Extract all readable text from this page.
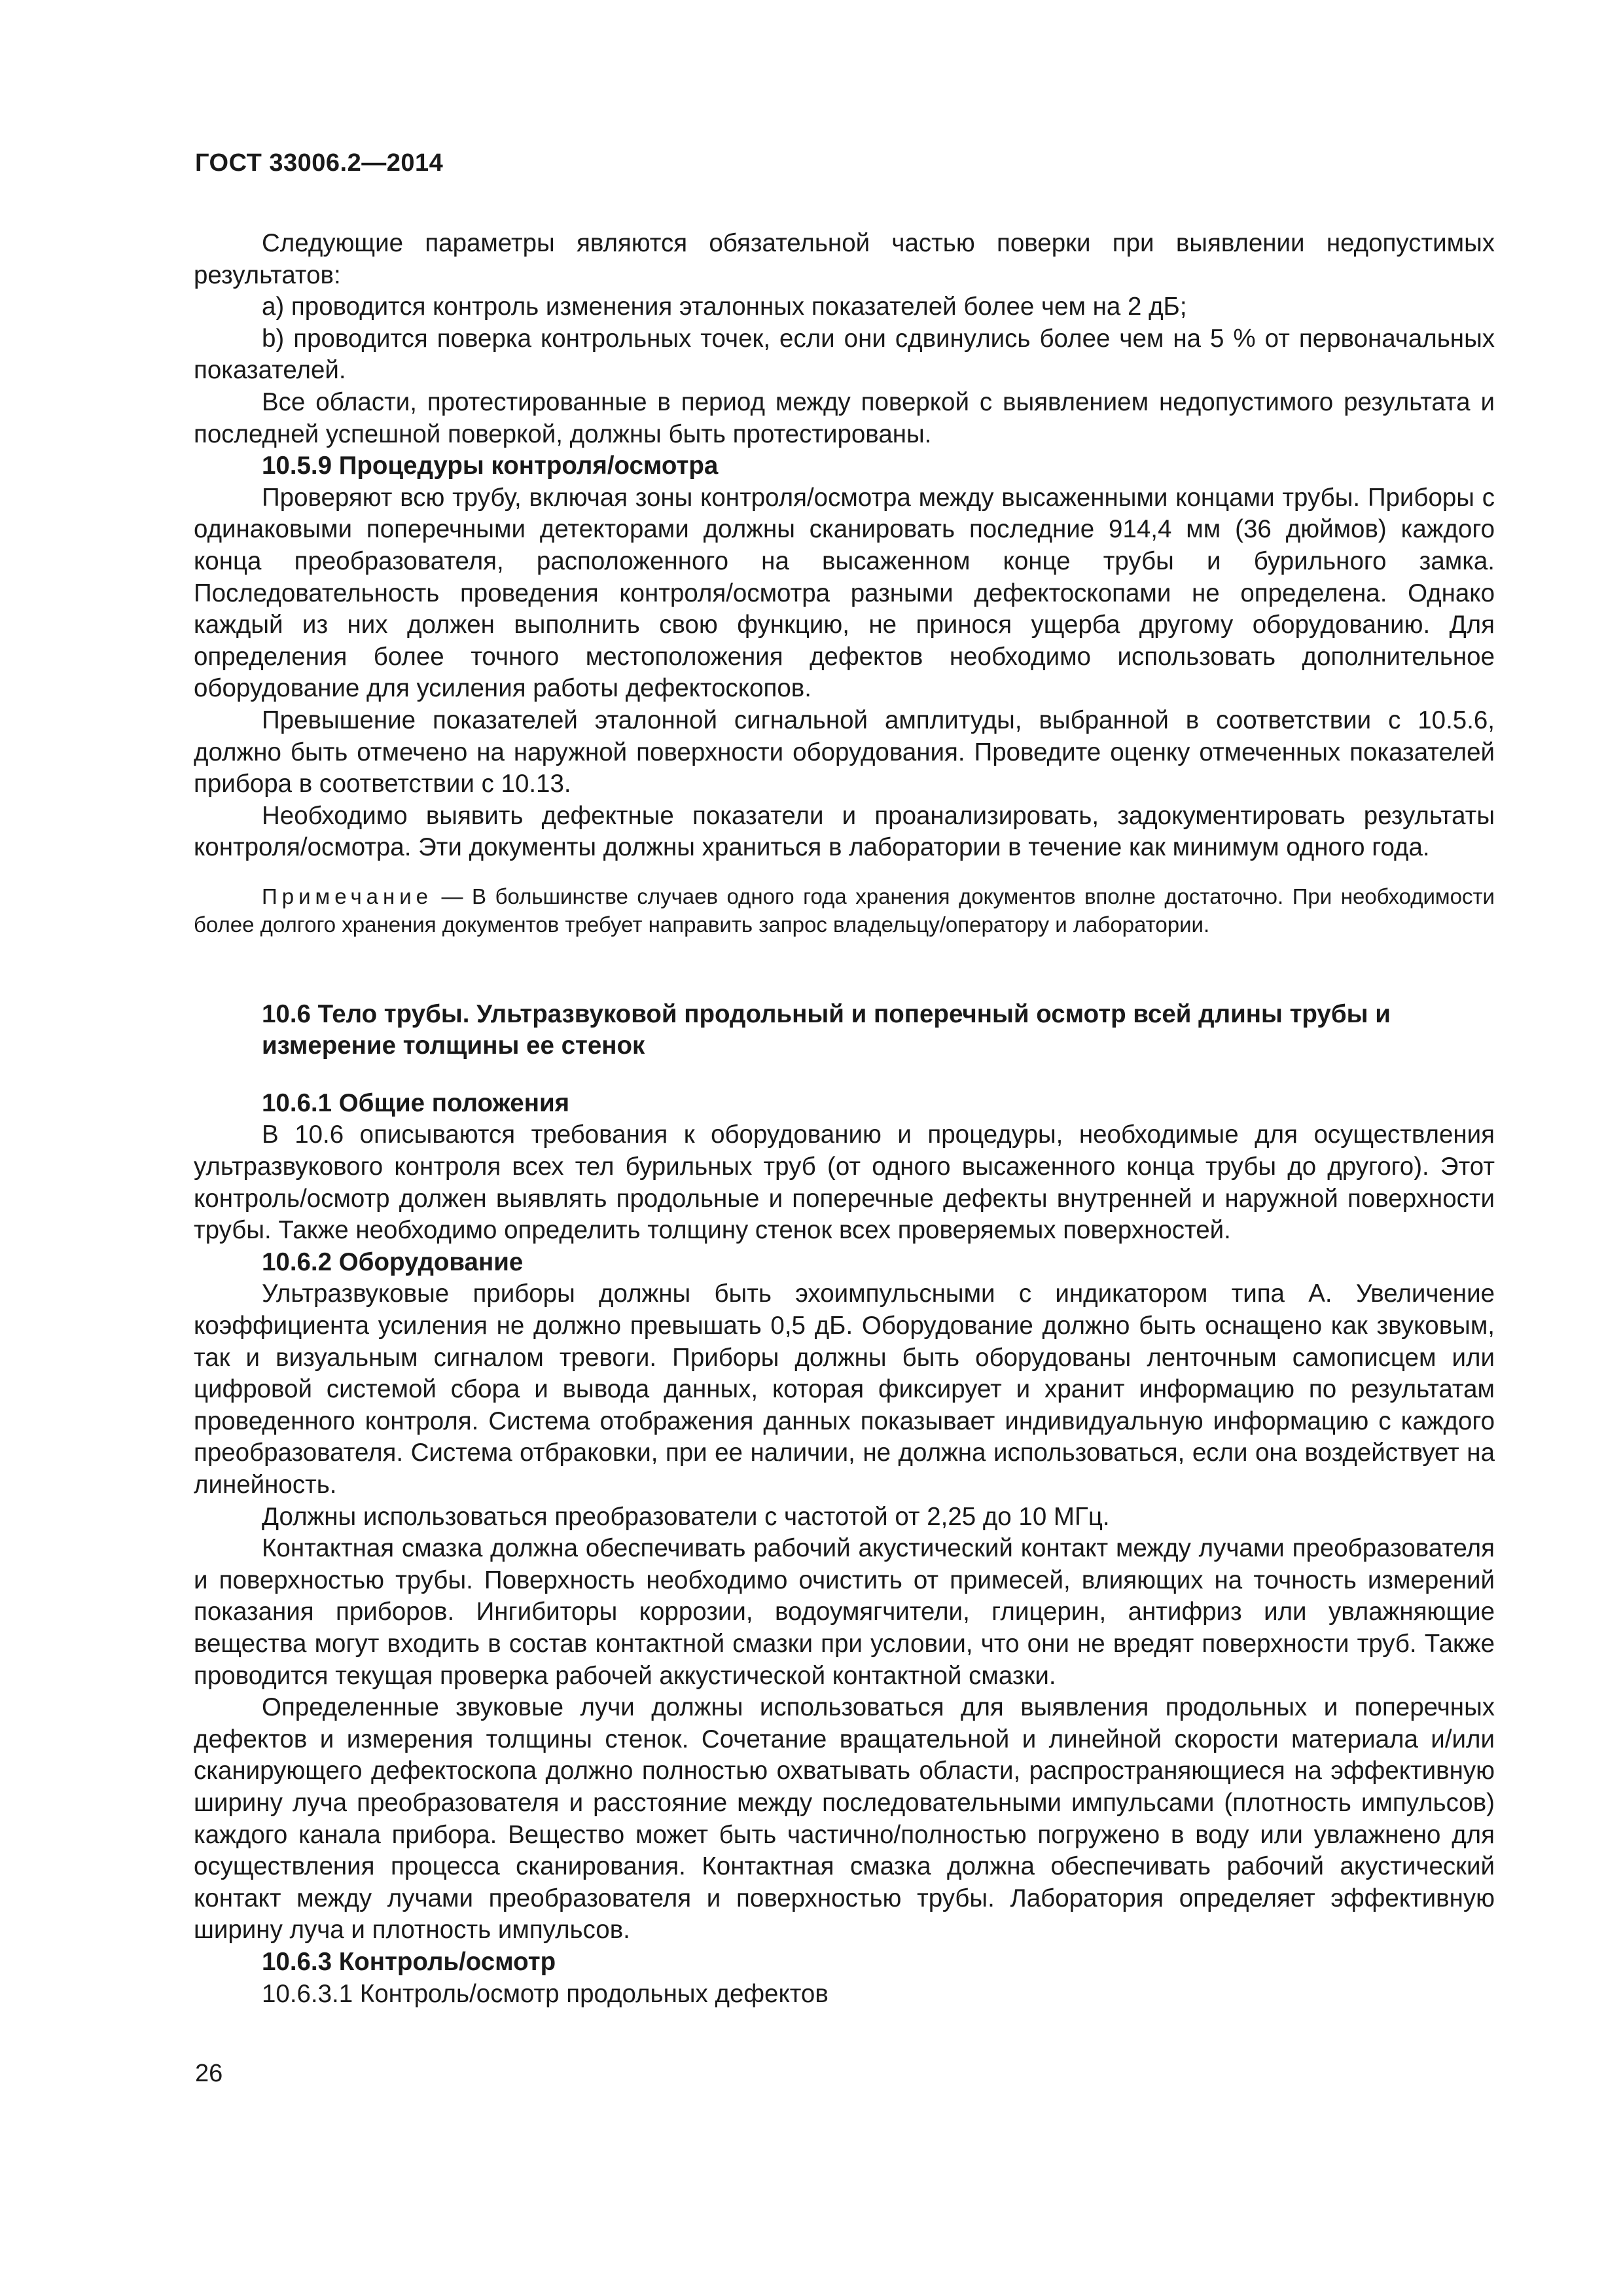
ГОСТ 33006.2—2014

Следующие параметры являются обязательной частью поверки при выявлении недопустимых результатов:

а) проводится контроль изменения эталонных показателей более чем на 2 дБ;

b) проводится поверка контрольных точек, если они сдвинулись более чем на 5 % от первоначальных показателей.

Все области, протестированные в период между поверкой с выявлением недопустимого результата и последней успешной поверкой, должны быть протестированы.

10.5.9 Процедуры контроля/осмотра

Проверяют всю трубу, включая зоны контроля/осмотра между высаженными концами трубы. Приборы с одинаковыми поперечными детекторами должны сканировать последние 914,4 мм (36 дюймов) каждого конца преобразователя, расположенного на высаженном конце трубы и бурильного замка. Последовательность проведения контроля/осмотра разными дефектоскопами не определена. Однако каждый из них должен выполнить свою функцию, не принося ущерба другому оборудованию. Для определения более точного местоположения дефектов необходимо использовать дополнительное оборудование для усиления работы дефектоскопов.

Превышение показателей эталонной сигнальной амплитуды, выбранной в соответствии с 10.5.6, должно быть отмечено на наружной поверхности оборудования. Проведите оценку отмеченных показателей прибора в соответствии с 10.13.

Необходимо выявить дефектные показатели и проанализировать, задокументировать результаты контроля/осмотра. Эти документы должны храниться в лаборатории в течение как минимум одного года.

Примечание — В большинстве случаев одного года хранения документов вполне достаточно. При необходимости более долгого хранения документов требует направить запрос владельцу/оператору и лаборатории.

10.6 Тело трубы. Ультразвуковой продольный и поперечный осмотр всей длины трубы и измерение толщины ее стенок

10.6.1 Общие положения

В 10.6 описываются требования к оборудованию и процедуры, необходимые для осуществления ультразвукового контроля всех тел бурильных труб (от одного высаженного конца трубы до другого). Этот контроль/осмотр должен выявлять продольные и поперечные дефекты внутренней и наружной поверхности трубы. Также необходимо определить толщину стенок всех проверяемых поверхностей.

10.6.2 Оборудование

Ультразвуковые приборы должны быть эхоимпульсными с индикатором типа А. Увеличение коэффициента усиления не должно превышать 0,5 дБ. Оборудование должно быть оснащено как звуковым, так и визуальным сигналом тревоги. Приборы должны быть оборудованы ленточным самописцем или цифровой системой сбора и вывода данных, которая фиксирует и хранит информацию по результатам проведенного контроля. Система отображения данных показывает индивидуальную информацию с каждого преобразователя. Система отбраковки, при ее наличии, не должна использоваться, если она воздействует на линейность.

Должны использоваться преобразователи с частотой от 2,25 до 10 МГц.

Контактная смазка должна обеспечивать рабочий акустический контакт между лучами преобразователя и поверхностью трубы. Поверхность необходимо очистить от примесей, влияющих на точность измерений показания приборов. Ингибиторы коррозии, водоумягчители, глицерин, антифриз или увлажняющие вещества могут входить в состав контактной смазки при условии, что они не вредят поверхности труб. Также проводится текущая проверка рабочей аккустической контактной смазки.

Определенные звуковые лучи должны использоваться для выявления продольных и поперечных дефектов и измерения толщины стенок. Сочетание вращательной и линейной скорости материала и/или сканирующего дефектоскопа должно полностью охватывать области, распространяющиеся на эффективную ширину луча преобразователя и расстояние между последовательными импульсами (плотность импульсов) каждого канала прибора. Вещество может быть частично/полностью погружено в воду или увлажнено для осуществления процесса сканирования. Контактная смазка должна обеспечивать рабочий акустический контакт между лучами преобразователя и поверхностью трубы. Лаборатория определяет эффективную ширину луча и плотность импульсов.

10.6.3 Контроль/осмотр

10.6.3.1 Контроль/осмотр продольных дефектов

26
